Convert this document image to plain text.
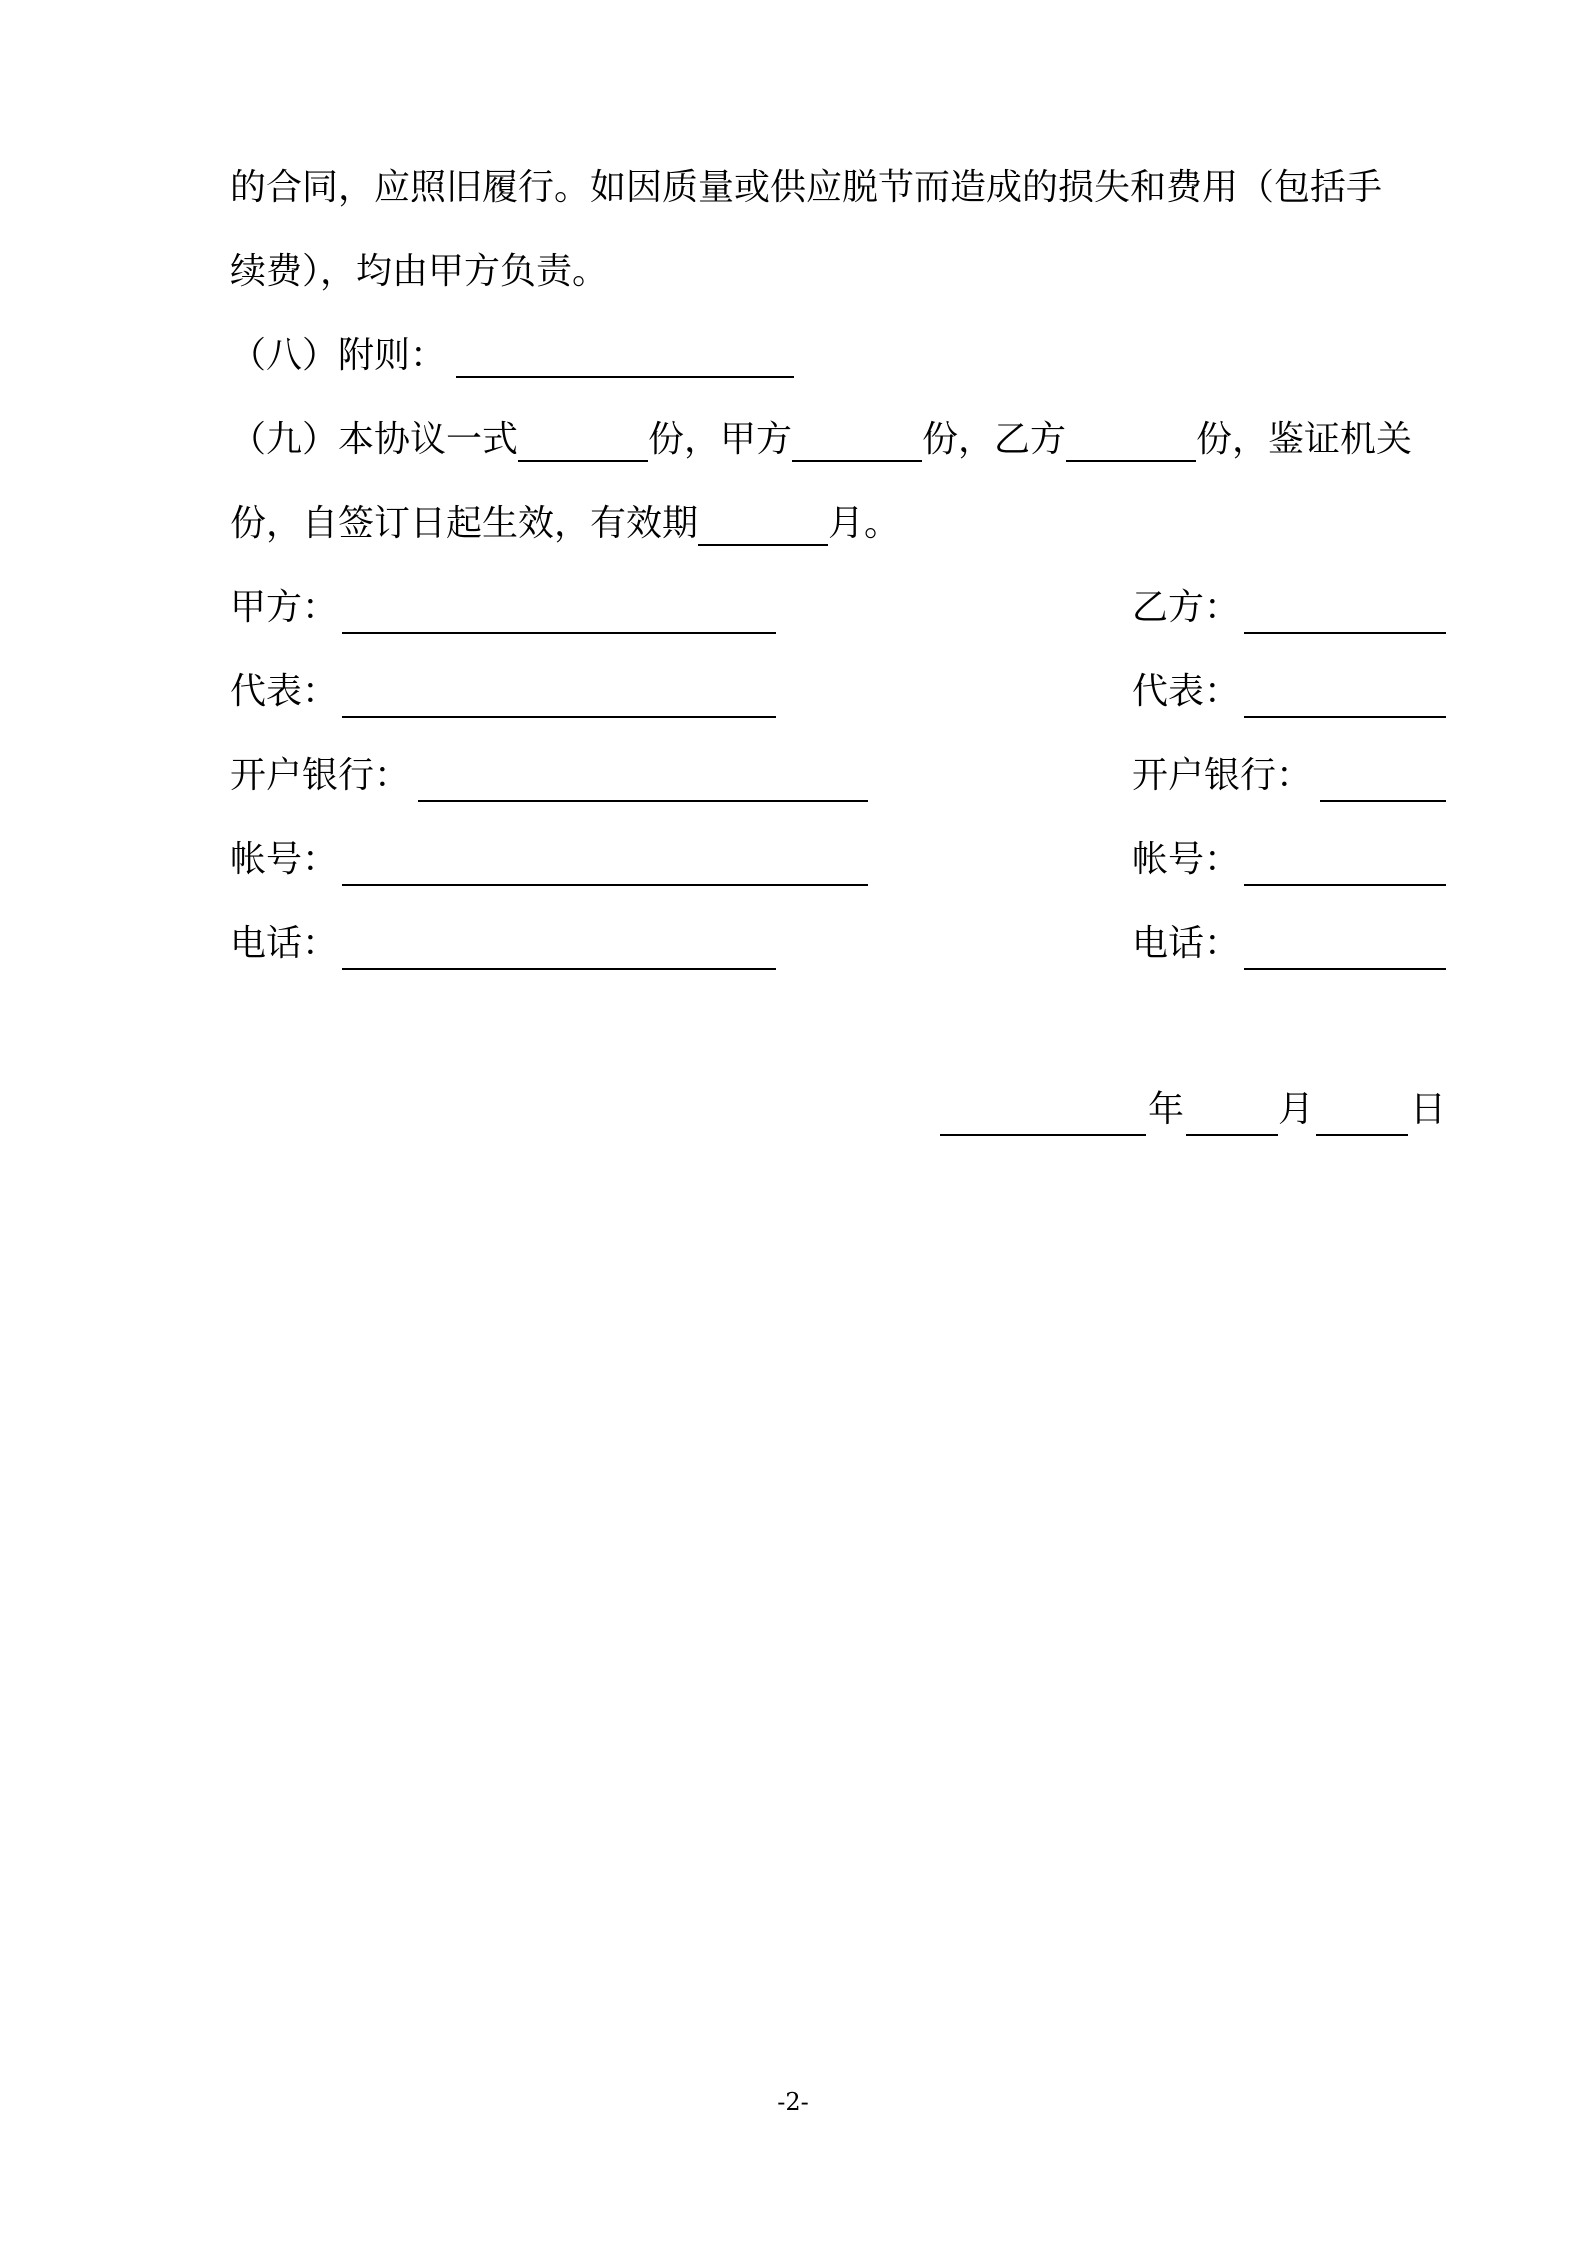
的合同，应照旧履行。如因质量或供应脱节而造成的损失和费用（包括手
续费），均由甲方负责。
（八）附则：
（九）本协议一式	份，甲方	份，乙方	份，鉴证机关
份，自签订日起生效，有效期	月。
甲方：
代表：
开户银行：
帐号：
电话：
乙方：
代表：
开户银行：
帐号：
电话：
年	月	日
-2-
